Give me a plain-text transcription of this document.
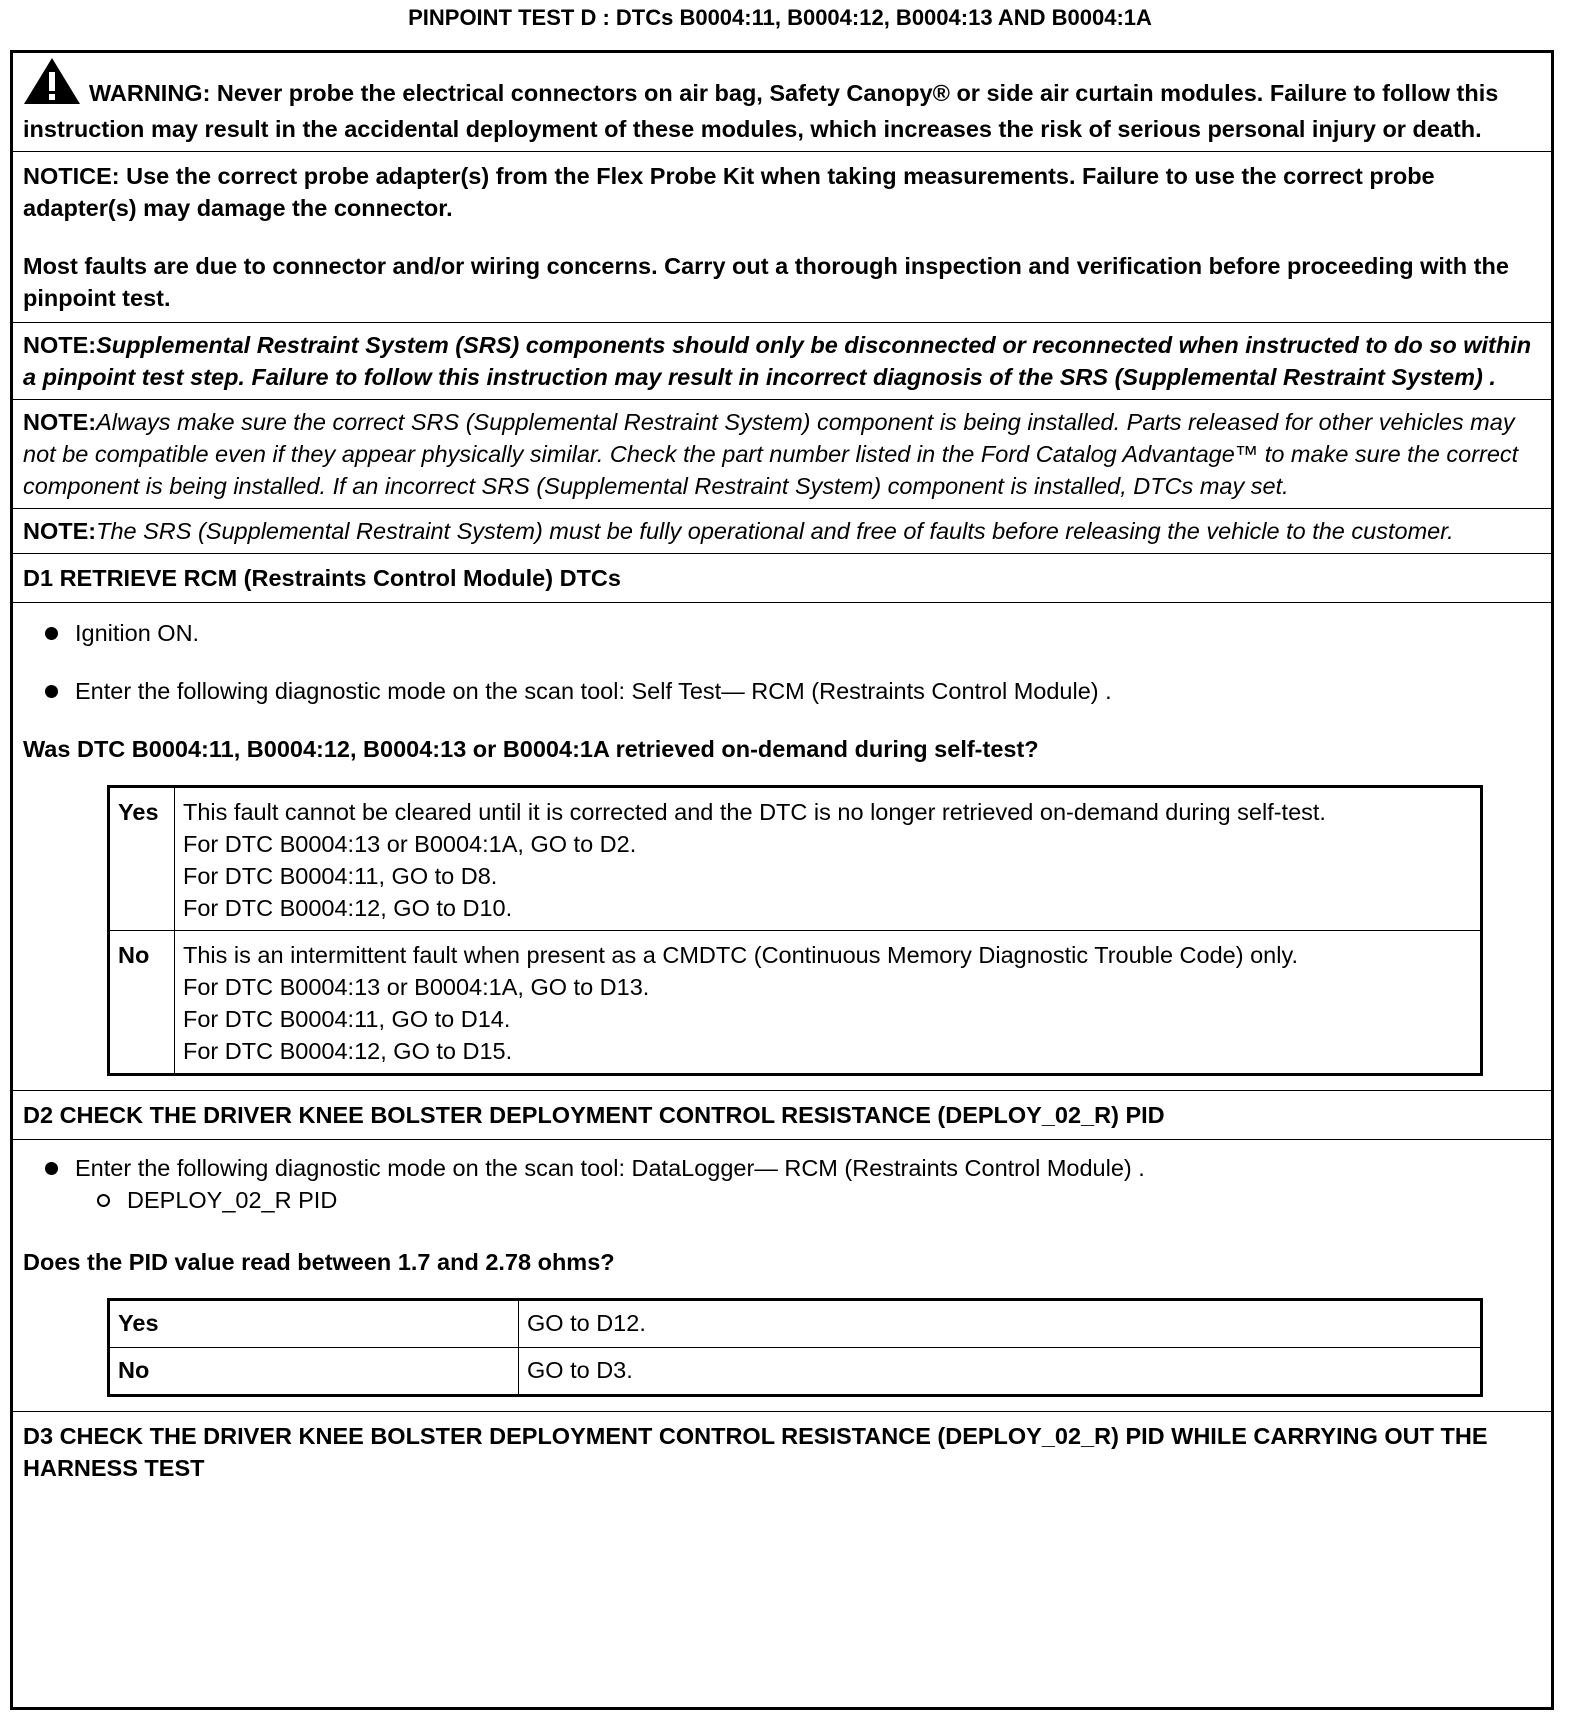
PINPOINT TEST D : DTCs B0004:11, B0004:12, B0004:13 AND B0004:1A
WARNING: Never probe the electrical connectors on air bag, Safety Canopy® or side air curtain modules. Failure to follow this instruction may result in the accidental deployment of these modules, which increases the risk of serious personal injury or death.

NOTICE: Use the correct probe adapter(s) from the Flex Probe Kit when taking measurements. Failure to use the correct probe adapter(s) may damage the connector.

Most faults are due to connector and/or wiring concerns. Carry out a thorough inspection and verification before proceeding with the pinpoint test.

NOTE:Supplemental Restraint System (SRS) components should only be disconnected or reconnected when instructed to do so within a pinpoint test step. Failure to follow this instruction may result in incorrect diagnosis of the SRS (Supplemental Restraint System) .
NOTE:Always make sure the correct SRS (Supplemental Restraint System) component is being installed. Parts released for other vehicles may not be compatible even if they appear physically similar. Check the part number listed in the Ford Catalog Advantage™ to make sure the correct component is being installed. If an incorrect SRS (Supplemental Restraint System) component is installed, DTCs may set.
NOTE:The SRS (Supplemental Restraint System) must be fully operational and free of faults before releasing the vehicle to the customer.
D1 RETRIEVE RCM (Restraints Control Module) DTCs
Ignition ON.
Enter the following diagnostic mode on the scan tool: Self Test— RCM (Restraints Control Module) .

Was DTC B0004:11, B0004:12, B0004:13 or B0004:1A retrieved on-demand during self-test?

Yes	This fault cannot be cleared until it is corrected and the DTC is no longer retrieved on-demand during self-test.
For DTC B0004:13 or B0004:1A, GO to D2.
For DTC B0004:11, GO to D8.
For DTC B0004:12, GO to D10.

No	This is an intermittent fault when present as a CMDTC (Continuous Memory Diagnostic Trouble Code) only.
For DTC B0004:13 or B0004:1A, GO to D13.
For DTC B0004:11, GO to D14.
For DTC B0004:12, GO to D15.
D2 CHECK THE DRIVER KNEE BOLSTER DEPLOYMENT CONTROL RESISTANCE (DEPLOY_02_R) PID
Enter the following diagnostic mode on the scan tool: DataLogger— RCM (Restraints Control Module) .
DEPLOY_02_R PID

Does the PID value read between 1.7 and 2.78 ohms?

Yes	GO to D12.
No	GO to D3.
D3 CHECK THE DRIVER KNEE BOLSTER DEPLOYMENT CONTROL RESISTANCE (DEPLOY_02_R) PID WHILE CARRYING OUT THE HARNESS TEST
